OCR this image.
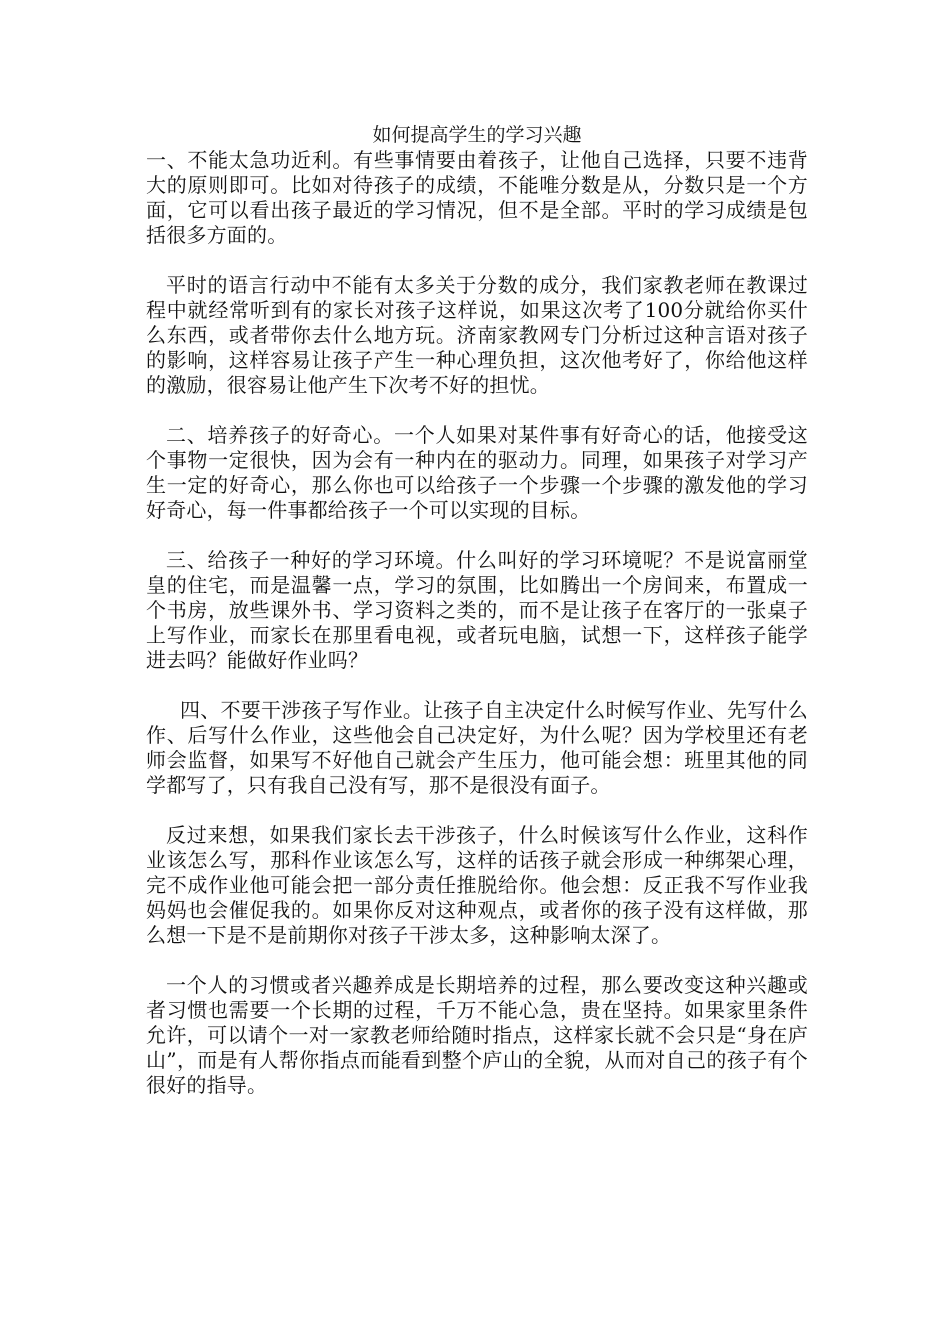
如何提高学生的学习兴趣

一、不能太急功近利。有些事情要由着孩子，让他自己选择，只要不违背大的原则即可。比如对待孩子的成绩，不能唯分数是从，分数只是一个方面，它可以看出孩子最近的学习情况，但不是全部。平时的学习成绩是包括很多方面的。

平时的语言行动中不能有太多关于分数的成分，我们家教老师在教课过程中就经常听到有的家长对孩子这样说，如果这次考了100分就给你买什么东西，或者带你去什么地方玩。济南家教网专门分析过这种言语对孩子的影响，这样容易让孩子产生一种心理负担，这次他考好了，你给他这样的激励，很容易让他产生下次考不好的担忧。

二、培养孩子的好奇心。一个人如果对某件事有好奇心的话，他接受这个事物一定很快，因为会有一种内在的驱动力。同理，如果孩子对学习产生一定的好奇心，那么你也可以给孩子一个步骤一个步骤的激发他的学习好奇心，每一件事都给孩子一个可以实现的目标。

三、给孩子一种好的学习环境。什么叫好的学习环境呢？不是说富丽堂皇的住宅，而是温馨一点，学习的氛围，比如腾出一个房间来，布置成一个书房，放些课外书、学习资料之类的，而不是让孩子在客厅的一张桌子上写作业，而家长在那里看电视，或者玩电脑，试想一下，这样孩子能学进去吗？能做好作业吗？

四、不要干涉孩子写作业。让孩子自主决定什么时候写作业、先写什么作、后写什么作业，这些他会自己决定好，为什么呢？因为学校里还有老师会监督，如果写不好他自己就会产生压力，他可能会想：班里其他的同学都写了，只有我自己没有写，那不是很没有面子。

反过来想，如果我们家长去干涉孩子，什么时候该写什么作业，这科作业该怎么写，那科作业该怎么写，这样的话孩子就会形成一种绑架心理，完不成作业他可能会把一部分责任推脱给你。他会想：反正我不写作业我妈妈也会催促我的。如果你反对这种观点，或者你的孩子没有这样做，那么想一下是不是前期你对孩子干涉太多，这种影响太深了。

一个人的习惯或者兴趣养成是长期培养的过程，那么要改变这种兴趣或者习惯也需要一个长期的过程，千万不能心急，贵在坚持。如果家里条件允许，可以请个一对一家教老师给随时指点，这样家长就不会只是“身在庐山”，而是有人帮你指点而能看到整个庐山的全貌，从而对自己的孩子有个很好的指导。
